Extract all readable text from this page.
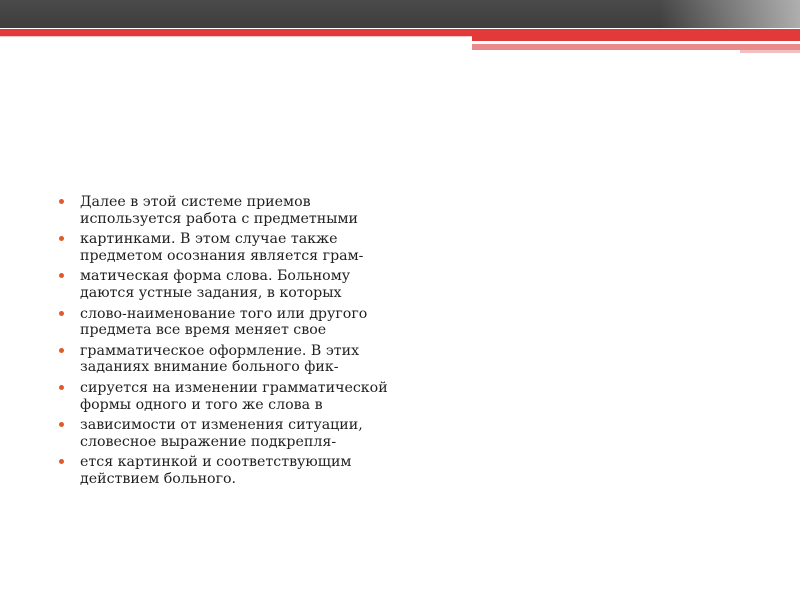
Далее в этой системе приемов используется работа с предметными
картинками. В этом случае также предметом осознания является грам-
матическая форма слова. Больному даются устные задания, в которых
слово-наименование того или другого предмета все время меняет свое
грамматическое оформление. В этих заданиях внимание больного фик-
сируется на изменении грамматической формы одного и того же слова в
зависимости от изменения ситуации, словесное выражение подкрепля-
ется картинкой и соответствующим действием больного.
